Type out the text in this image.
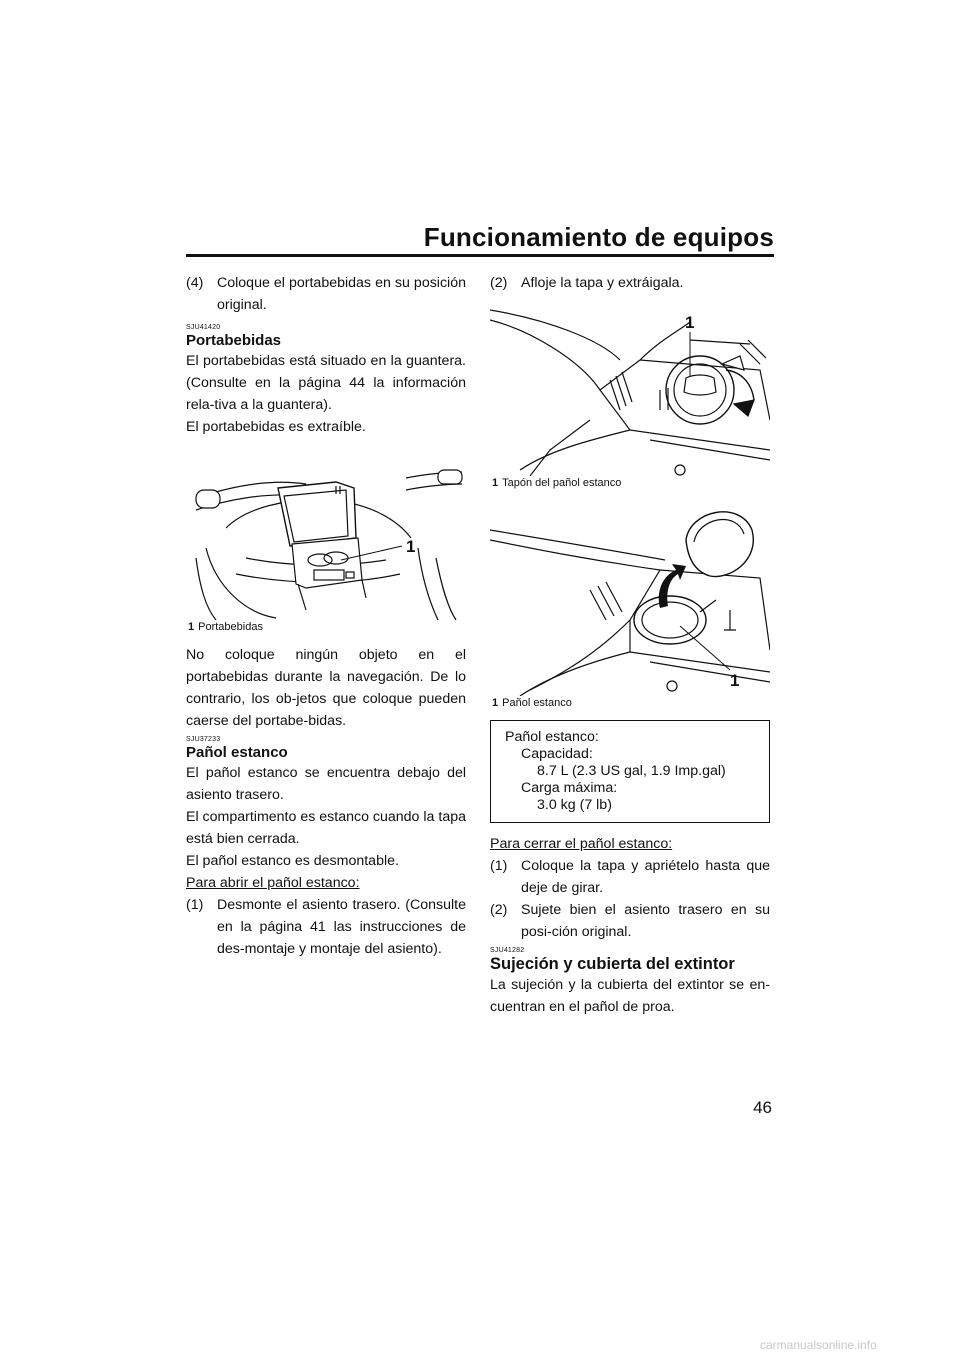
Funcionamiento de equipos
(4) Coloque el portabebidas en su posición original.
SJU41420
Portabebidas

El portabebidas está situado en la guantera. (Consulte en la página 44 la información rela-tiva a la guantera).

El portabebidas es extraíble.

1
1 Portabebidas

No coloque ningún objeto en el portabebidas durante la navegación. De lo contrario, los ob-jetos que coloque pueden caerse del portabe-bidas.

SJU37233
Pañol estanco

El pañol estanco se encuentra debajo del asiento trasero.

El compartimento es estanco cuando la tapa está bien cerrada.

El pañol estanco es desmontable.

Para abrir el pañol estanco:
(1) Desmonte el asiento trasero. (Consulte en la página 41 las instrucciones de des-montaje y montaje del asiento).
(2) Afloje la tapa y extráigala.
1
1 Tapón del pañol estanco
1
1 Pañol estanco
Pañol estanco:
Capacidad:
8.7 L (2.3 US gal, 1.9 Imp.gal)
Carga máxima:
3.0 kg (7 lb)
Para cerrar el pañol estanco:
(1) Coloque la tapa y apriételo hasta que deje de girar.
(2) Sujete bien el asiento trasero en su posi-ción original.
SJU41282
Sujeción y cubierta del extintor

La sujeción y la cubierta del extintor se en-cuentran en el pañol de proa.

46
carmanualsonline.info
